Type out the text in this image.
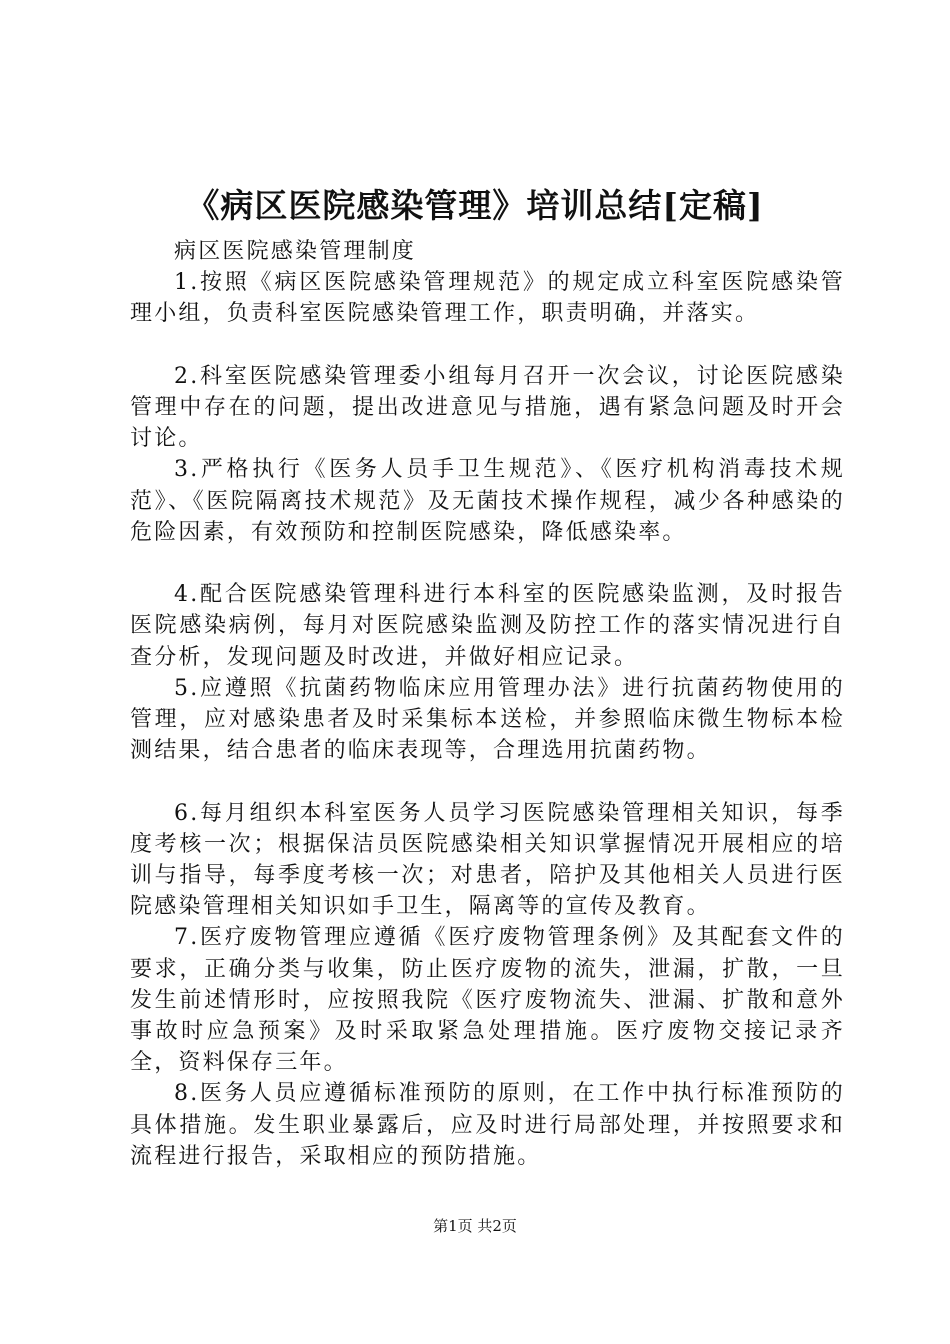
《病区医院感染管理》培训总结[定稿]

病区医院感染管理制度

1.按照《病区医院感染管理规范》的规定成立科室医院感染管理小组，负责科室医院感染管理工作，职责明确，并落实。

2.科室医院感染管理委小组每月召开一次会议，讨论医院感染管理中存在的问题，提出改进意见与措施，遇有紧急问题及时开会讨论。

3.严格执行《医务人员手卫生规范》、《医疗机构消毒技术规范》、《医院隔离技术规范》及无菌技术操作规程，减少各种感染的危险因素，有效预防和控制医院感染，降低感染率。

4.配合医院感染管理科进行本科室的医院感染监测，及时报告医院感染病例，每月对医院感染监测及防控工作的落实情况进行自查分析，发现问题及时改进，并做好相应记录。

5.应遵照《抗菌药物临床应用管理办法》进行抗菌药物使用的管理，应对感染患者及时采集标本送检，并参照临床微生物标本检测结果，结合患者的临床表现等，合理选用抗菌药物。

6.每月组织本科室医务人员学习医院感染管理相关知识，每季度考核一次；根据保洁员医院感染相关知识掌握情况开展相应的培训与指导，每季度考核一次；对患者，陪护及其他相关人员进行医院感染管理相关知识如手卫生，隔离等的宣传及教育。

7.医疗废物管理应遵循《医疗废物管理条例》及其配套文件的要求，正确分类与收集，防止医疗废物的流失，泄漏，扩散，一旦发生前述情形时，应按照我院《医疗废物流失、泄漏、扩散和意外事故时应急预案》及时采取紧急处理措施。医疗废物交接记录齐全，资料保存三年。

8.医务人员应遵循标准预防的原则，在工作中执行标准预防的具体措施。发生职业暴露后，应及时进行局部处理，并按照要求和流程进行报告，采取相应的预防措施。

第1页 共2页
